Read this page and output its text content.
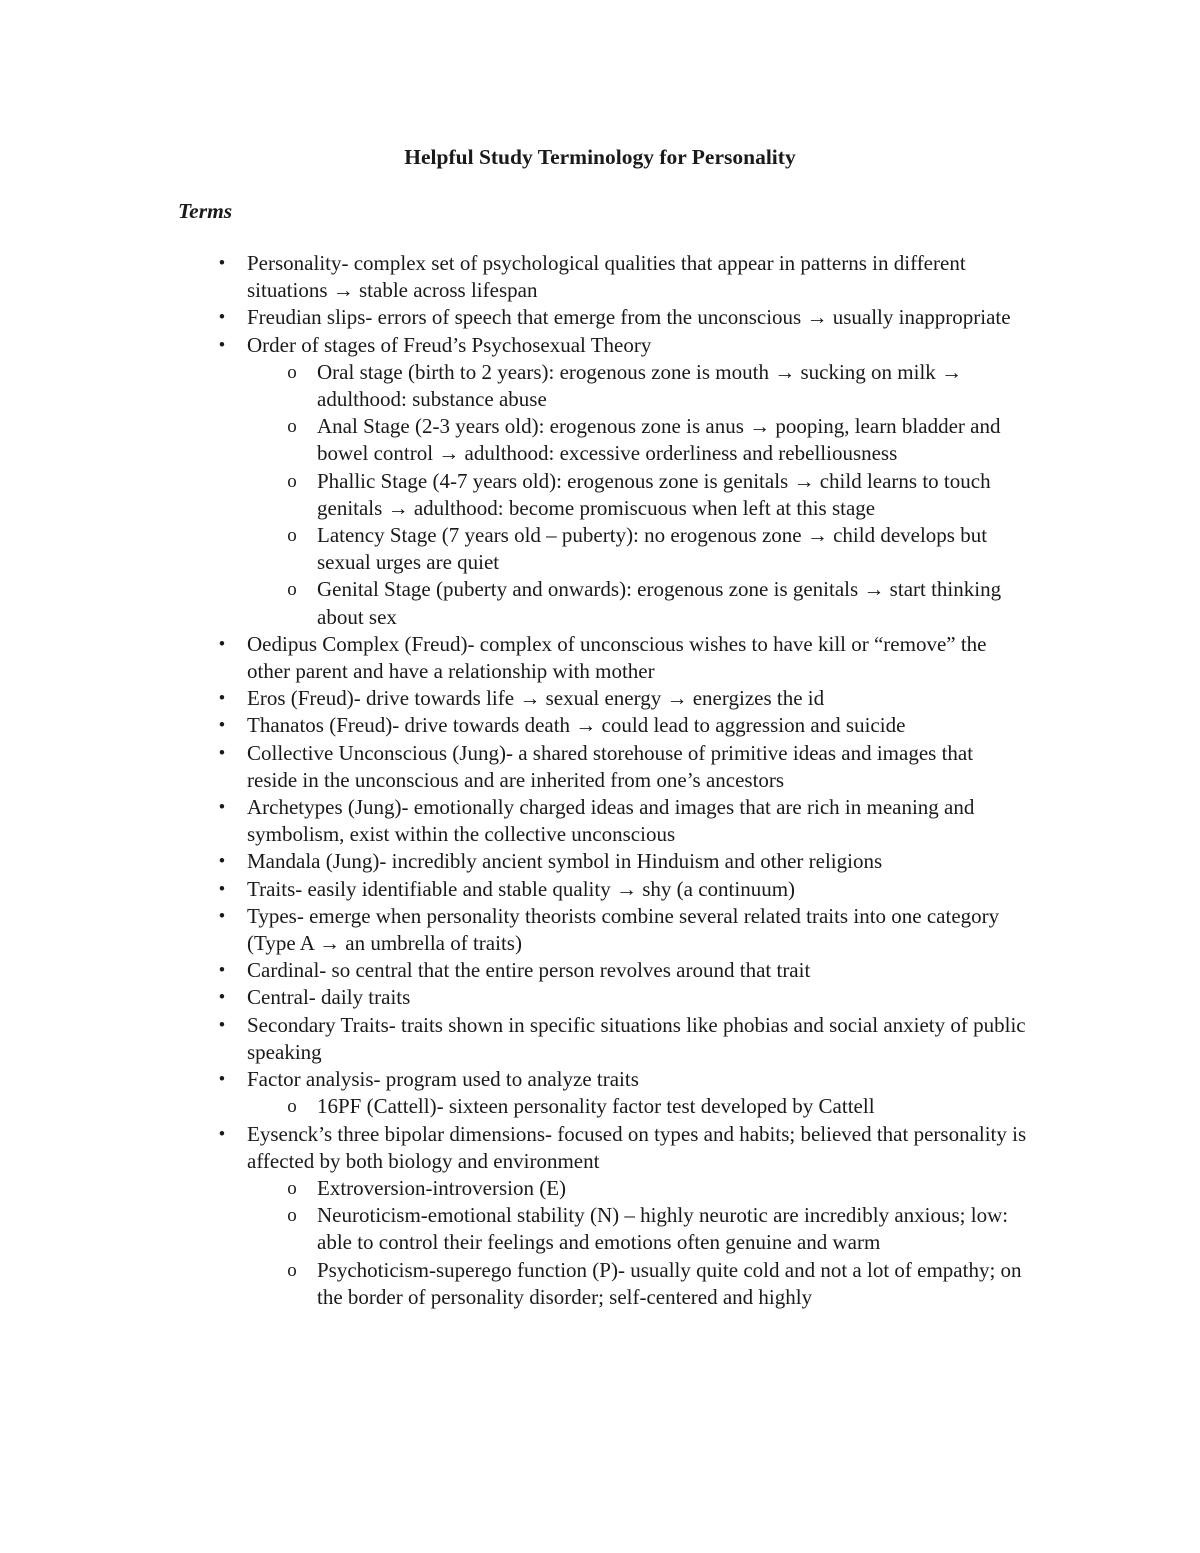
Helpful Study Terminology for Personality
Terms
•	Personality- complex set of psychological qualities that appear in patterns in different situations → stable across lifespan
•	Freudian slips- errors of speech that emerge from the unconscious → usually inappropriate
•	Order of stages of Freud’s Psychosexual Theory
o Oral stage (birth to 2 years): erogenous zone is mouth → sucking on milk → adulthood: substance abuse
o Anal Stage (2-3 years old): erogenous zone is anus → pooping, learn bladder and bowel control → adulthood: excessive orderliness and rebelliousness
o Phallic Stage (4-7 years old): erogenous zone is genitals → child learns to touch genitals → adulthood: become promiscuous when left at this stage
o Latency Stage (7 years old – puberty): no erogenous zone → child develops but sexual urges are quiet
o Genital Stage (puberty and onwards): erogenous zone is genitals → start thinking about sex
•	Oedipus Complex (Freud)- complex of unconscious wishes to have kill or “remove” the other parent and have a relationship with mother
•	Eros (Freud)- drive towards life → sexual energy → energizes the id
•	Thanatos (Freud)- drive towards death → could lead to aggression and suicide
•	Collective Unconscious (Jung)- a shared storehouse of primitive ideas and images that reside in the unconscious and are inherited from one’s ancestors
•	Archetypes (Jung)- emotionally charged ideas and images that are rich in meaning and symbolism, exist within the collective unconscious
•	Mandala (Jung)- incredibly ancient symbol in Hinduism and other religions
•	Traits- easily identifiable and stable quality → shy (a continuum)
•	Types- emerge when personality theorists combine several related traits into one category (Type A → an umbrella of traits)
•	Cardinal- so central that the entire person revolves around that trait
•	Central- daily traits
•	Secondary Traits- traits shown in specific situations like phobias and social anxiety of public speaking
•	Factor analysis- program used to analyze traits
o 16PF (Cattell)- sixteen personality factor test developed by Cattell
•	Eysenck’s three bipolar dimensions- focused on types and habits; believed that personality is affected by both biology and environment
o Extroversion-introversion (E)
o Neuroticism-emotional stability (N) – highly neurotic are incredibly anxious; low: able to control their feelings and emotions often genuine and warm
o Psychoticism-superego function (P)- usually quite cold and not a lot of empathy; on the border of personality disorder; self-centered and highly
